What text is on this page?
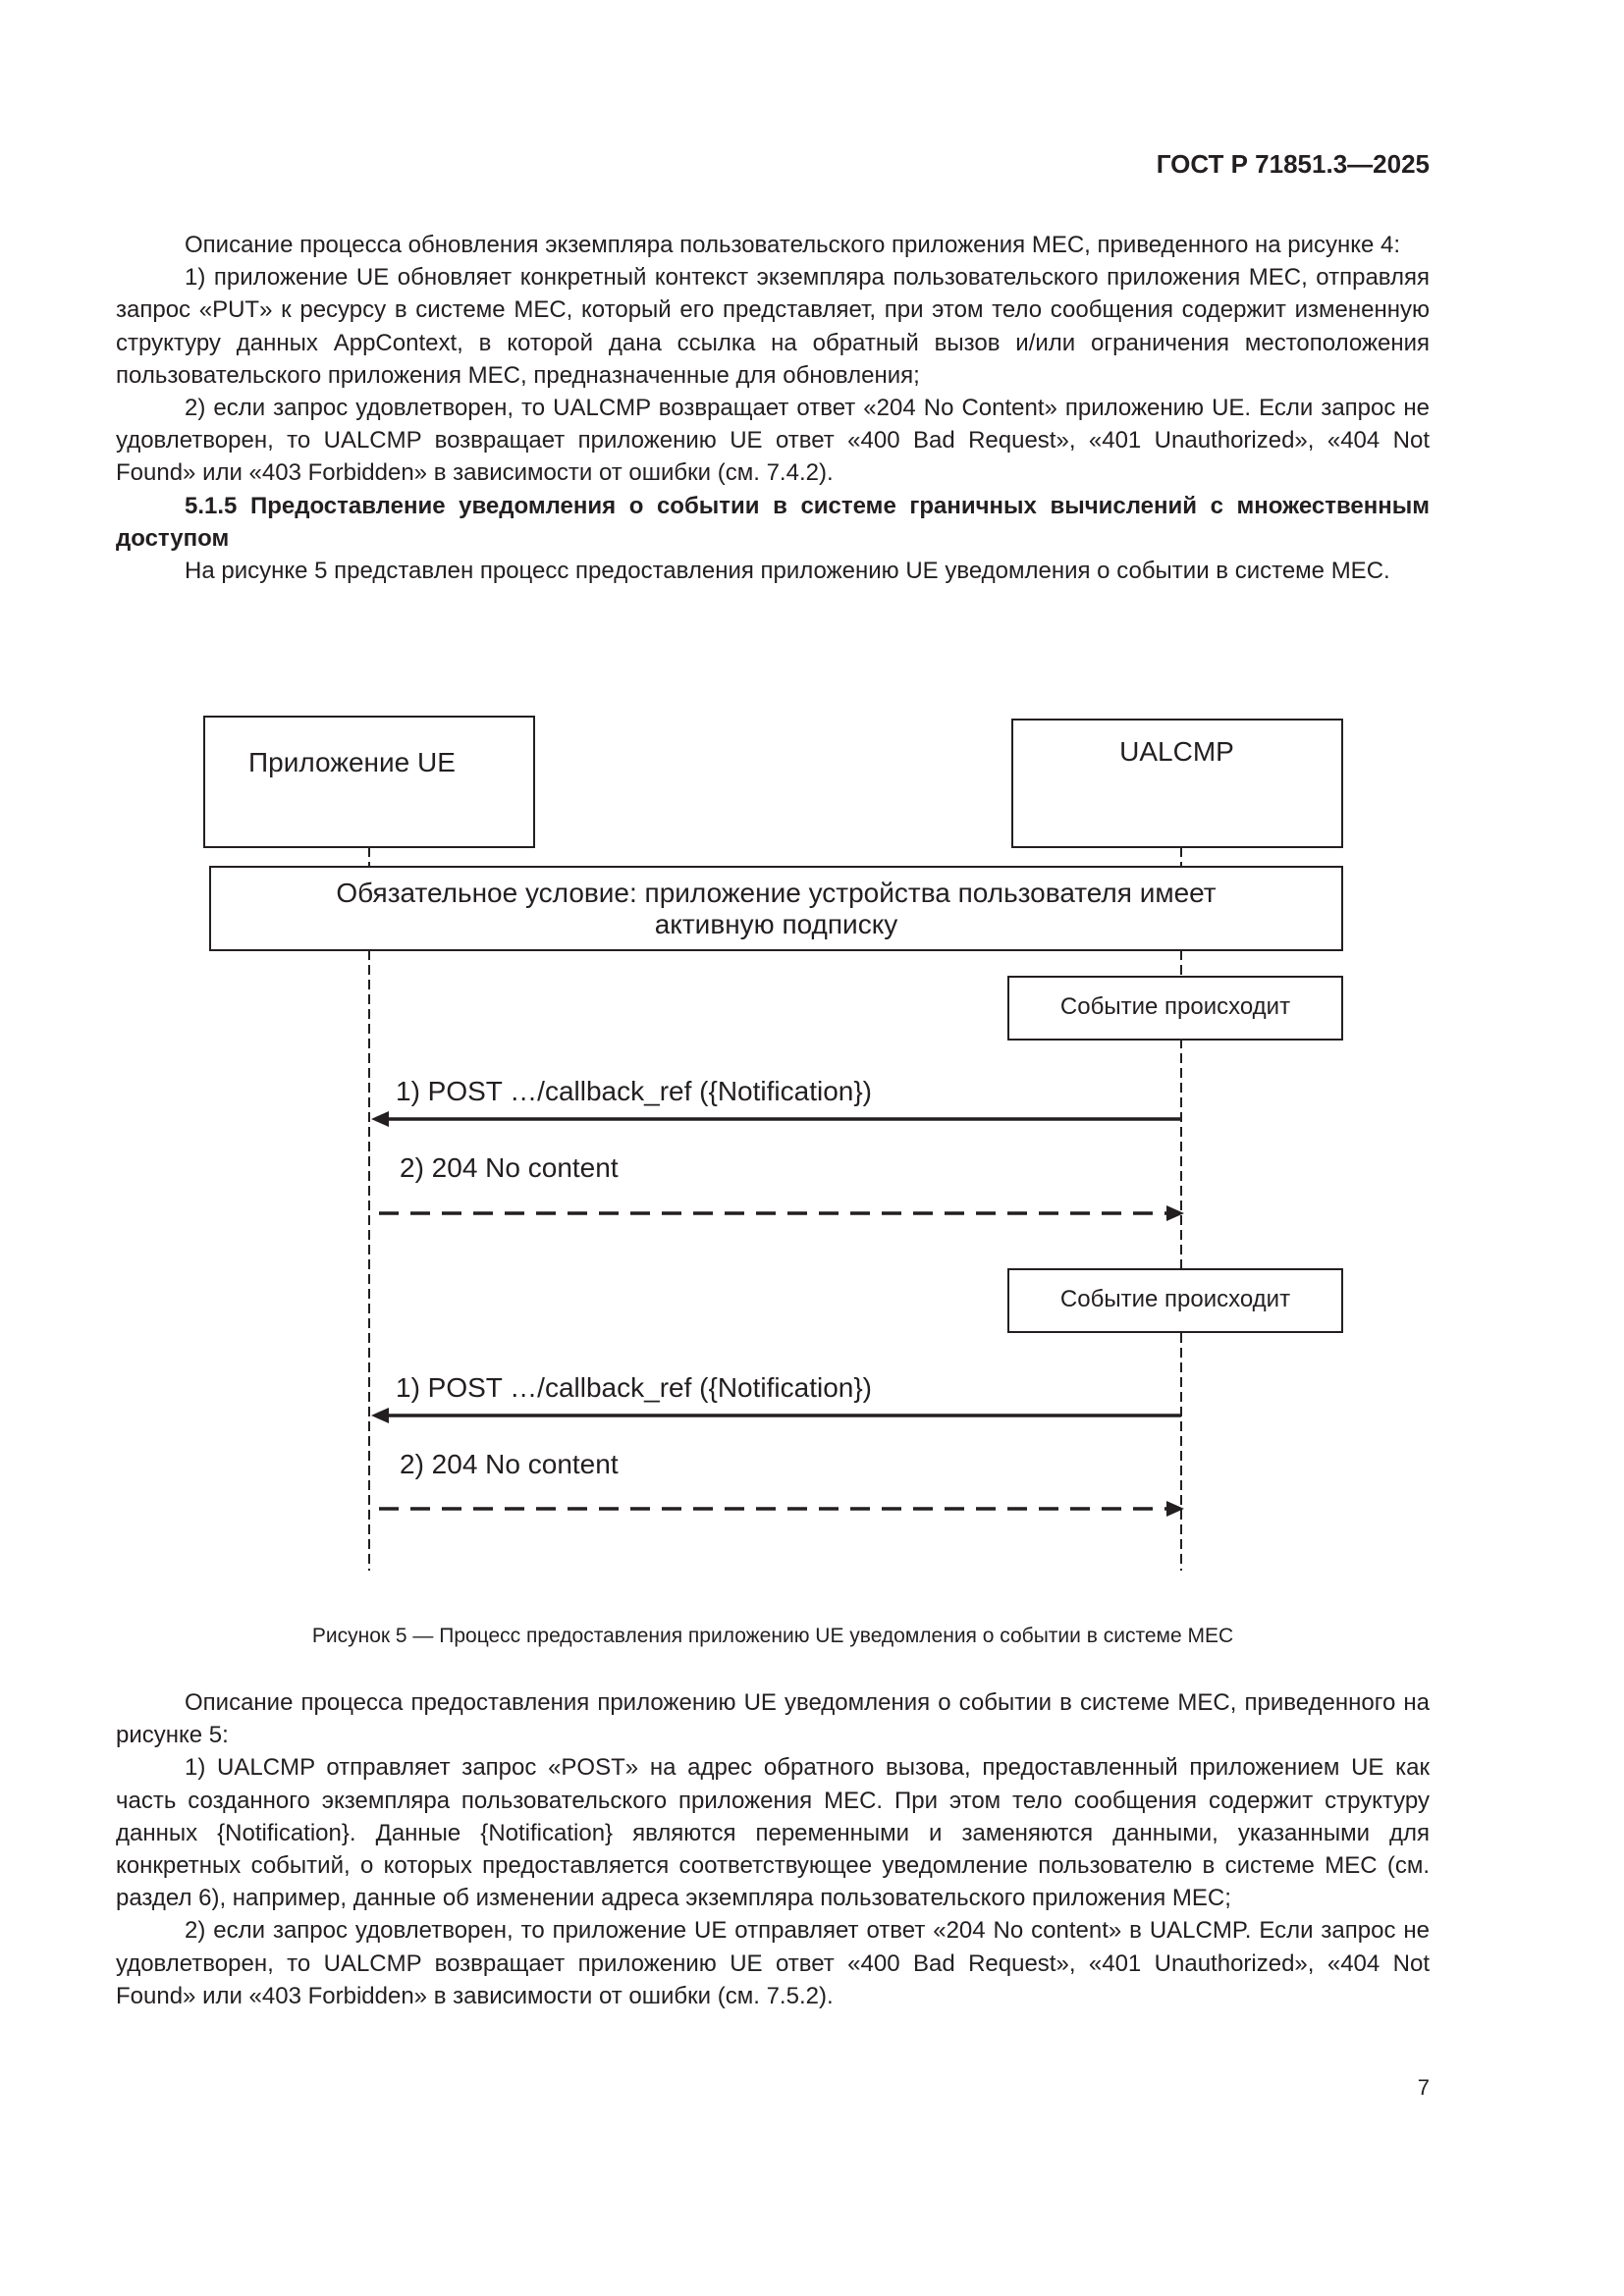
ГОСТ Р 71851.3—2025

Описание процесса обновления экземпляра пользовательского приложения MEC, приведенного на рисунке 4:

1) приложение UE обновляет конкретный контекст экземпляра пользовательского приложения MEC, отправляя запрос «PUT» к ресурсу в системе MEC, который его представляет, при этом тело сообщения содержит измененную структуру данных AppContext, в которой дана ссылка на обратный вызов и/или ограничения местоположения пользовательского приложения MEC, предназначенные для обновления;

2) если запрос удовлетворен, то UALCMP возвращает ответ «204 No Content» приложению UE. Если запрос не удовлетворен, то UALCMP возвращает приложению UE ответ «400 Bad Request», «401 Unauthorized», «404 Not Found» или «403 Forbidden» в зависимости от ошибки (см. 7.4.2).

5.1.5 Предоставление уведомления о событии в системе граничных вычислений с множественным доступом

На рисунке 5 представлен процесс предоставления приложению UE уведомления о событии в системе MEC.

Приложение UE	UALCMP
Обязательное условие: приложение устройства пользователя имеет
активную подписку
Событие происходит
Событие происходит
1) POST …/callback_ref ({Notification})
2) 204 No content
1) POST …/callback_ref ({Notification})
2) 204 No content
Рисунок 5 — Процесс предоставления приложению UE уведомления о событии в системе MEC

Описание процесса предоставления приложению UE уведомления о событии в системе MEC, приведенного на рисунке 5:

1) UALCMP отправляет запрос «POST» на адрес обратного вызова, предоставленный приложением UE как часть созданного экземпляра пользовательского приложения MEC. При этом тело сообщения содержит структуру данных {Notification}. Данные {Notification} являются переменными и заменяются данными, указанными для конкретных событий, о которых предоставляется соответствующее уведомление пользователю в системе MEC (см. раздел 6), например, данные об изменении адреса экземпляра пользовательского приложения MEC;

2) если запрос удовлетворен, то приложение UE отправляет ответ «204 No content» в UALCMP. Если запрос не удовлетворен, то UALCMP возвращает приложению UE ответ «400 Bad Request», «401 Unauthorized», «404 Not Found» или «403 Forbidden» в зависимости от ошибки (см. 7.5.2).

7
